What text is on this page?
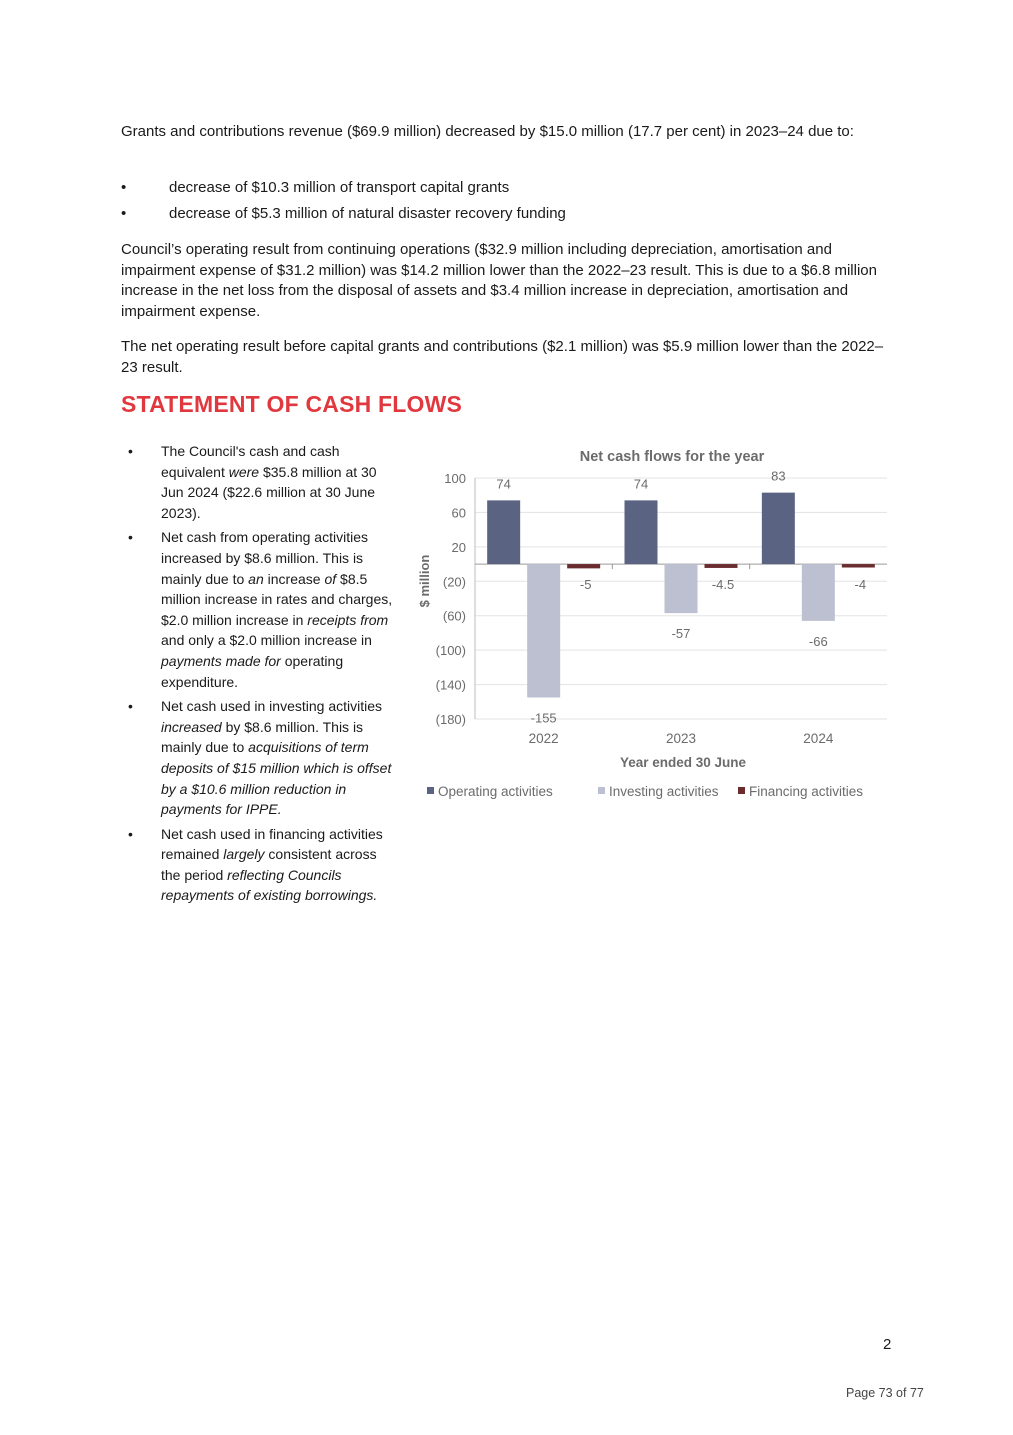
Grants and contributions revenue ($69.9 million) decreased by $15.0 million (17.7 per cent) in 2023–24 due to:

•	decrease of $10.3 million of transport capital grants
•	decrease of $5.3 million of natural disaster recovery funding

Council’s operating result from continuing operations ($32.9 million including depreciation, amortisation and impairment expense of $31.2 million) was $14.2 million lower than the 2022–23 result. This is due to a $6.8 million increase in the net loss from the disposal of assets and $3.4 million increase in depreciation, amortisation and impairment expense.

The net operating result before capital grants and contributions ($2.1 million) was $5.9 million lower than the 2022–23 result.

STATEMENT OF CASH FLOWS
• The Council's cash and cash equivalent were $35.8 million at 30 Jun 2024 ($22.6 million at 30 June 2023).
• Net cash from operating activities increased by $8.6 million. This is mainly due to an increase of $8.5 million increase in rates and charges, $2.0 million increase in receipts from and only a $2.0 million increase in payments made for operating expenditure.
• Net cash used in investing activities increased by $8.6 million. This is mainly due to acquisitions of term deposits of $15 million which is offset by a $10.6 million reduction in payments for IPPE.
• Net cash used in financing activities remained largely consistent across the period reflecting Councils repayments of existing borrowings.
Net cash flows for the year
100
60
20
(20)
(60)
(100)
(140)
(180)
$ million
74
-155
-5
74
-57
-4.5
83
-66
-4
2022	2023	2024
Year ended 30 June
Operating activities	Investing activities Financing activities
2
Page 73 of 77
